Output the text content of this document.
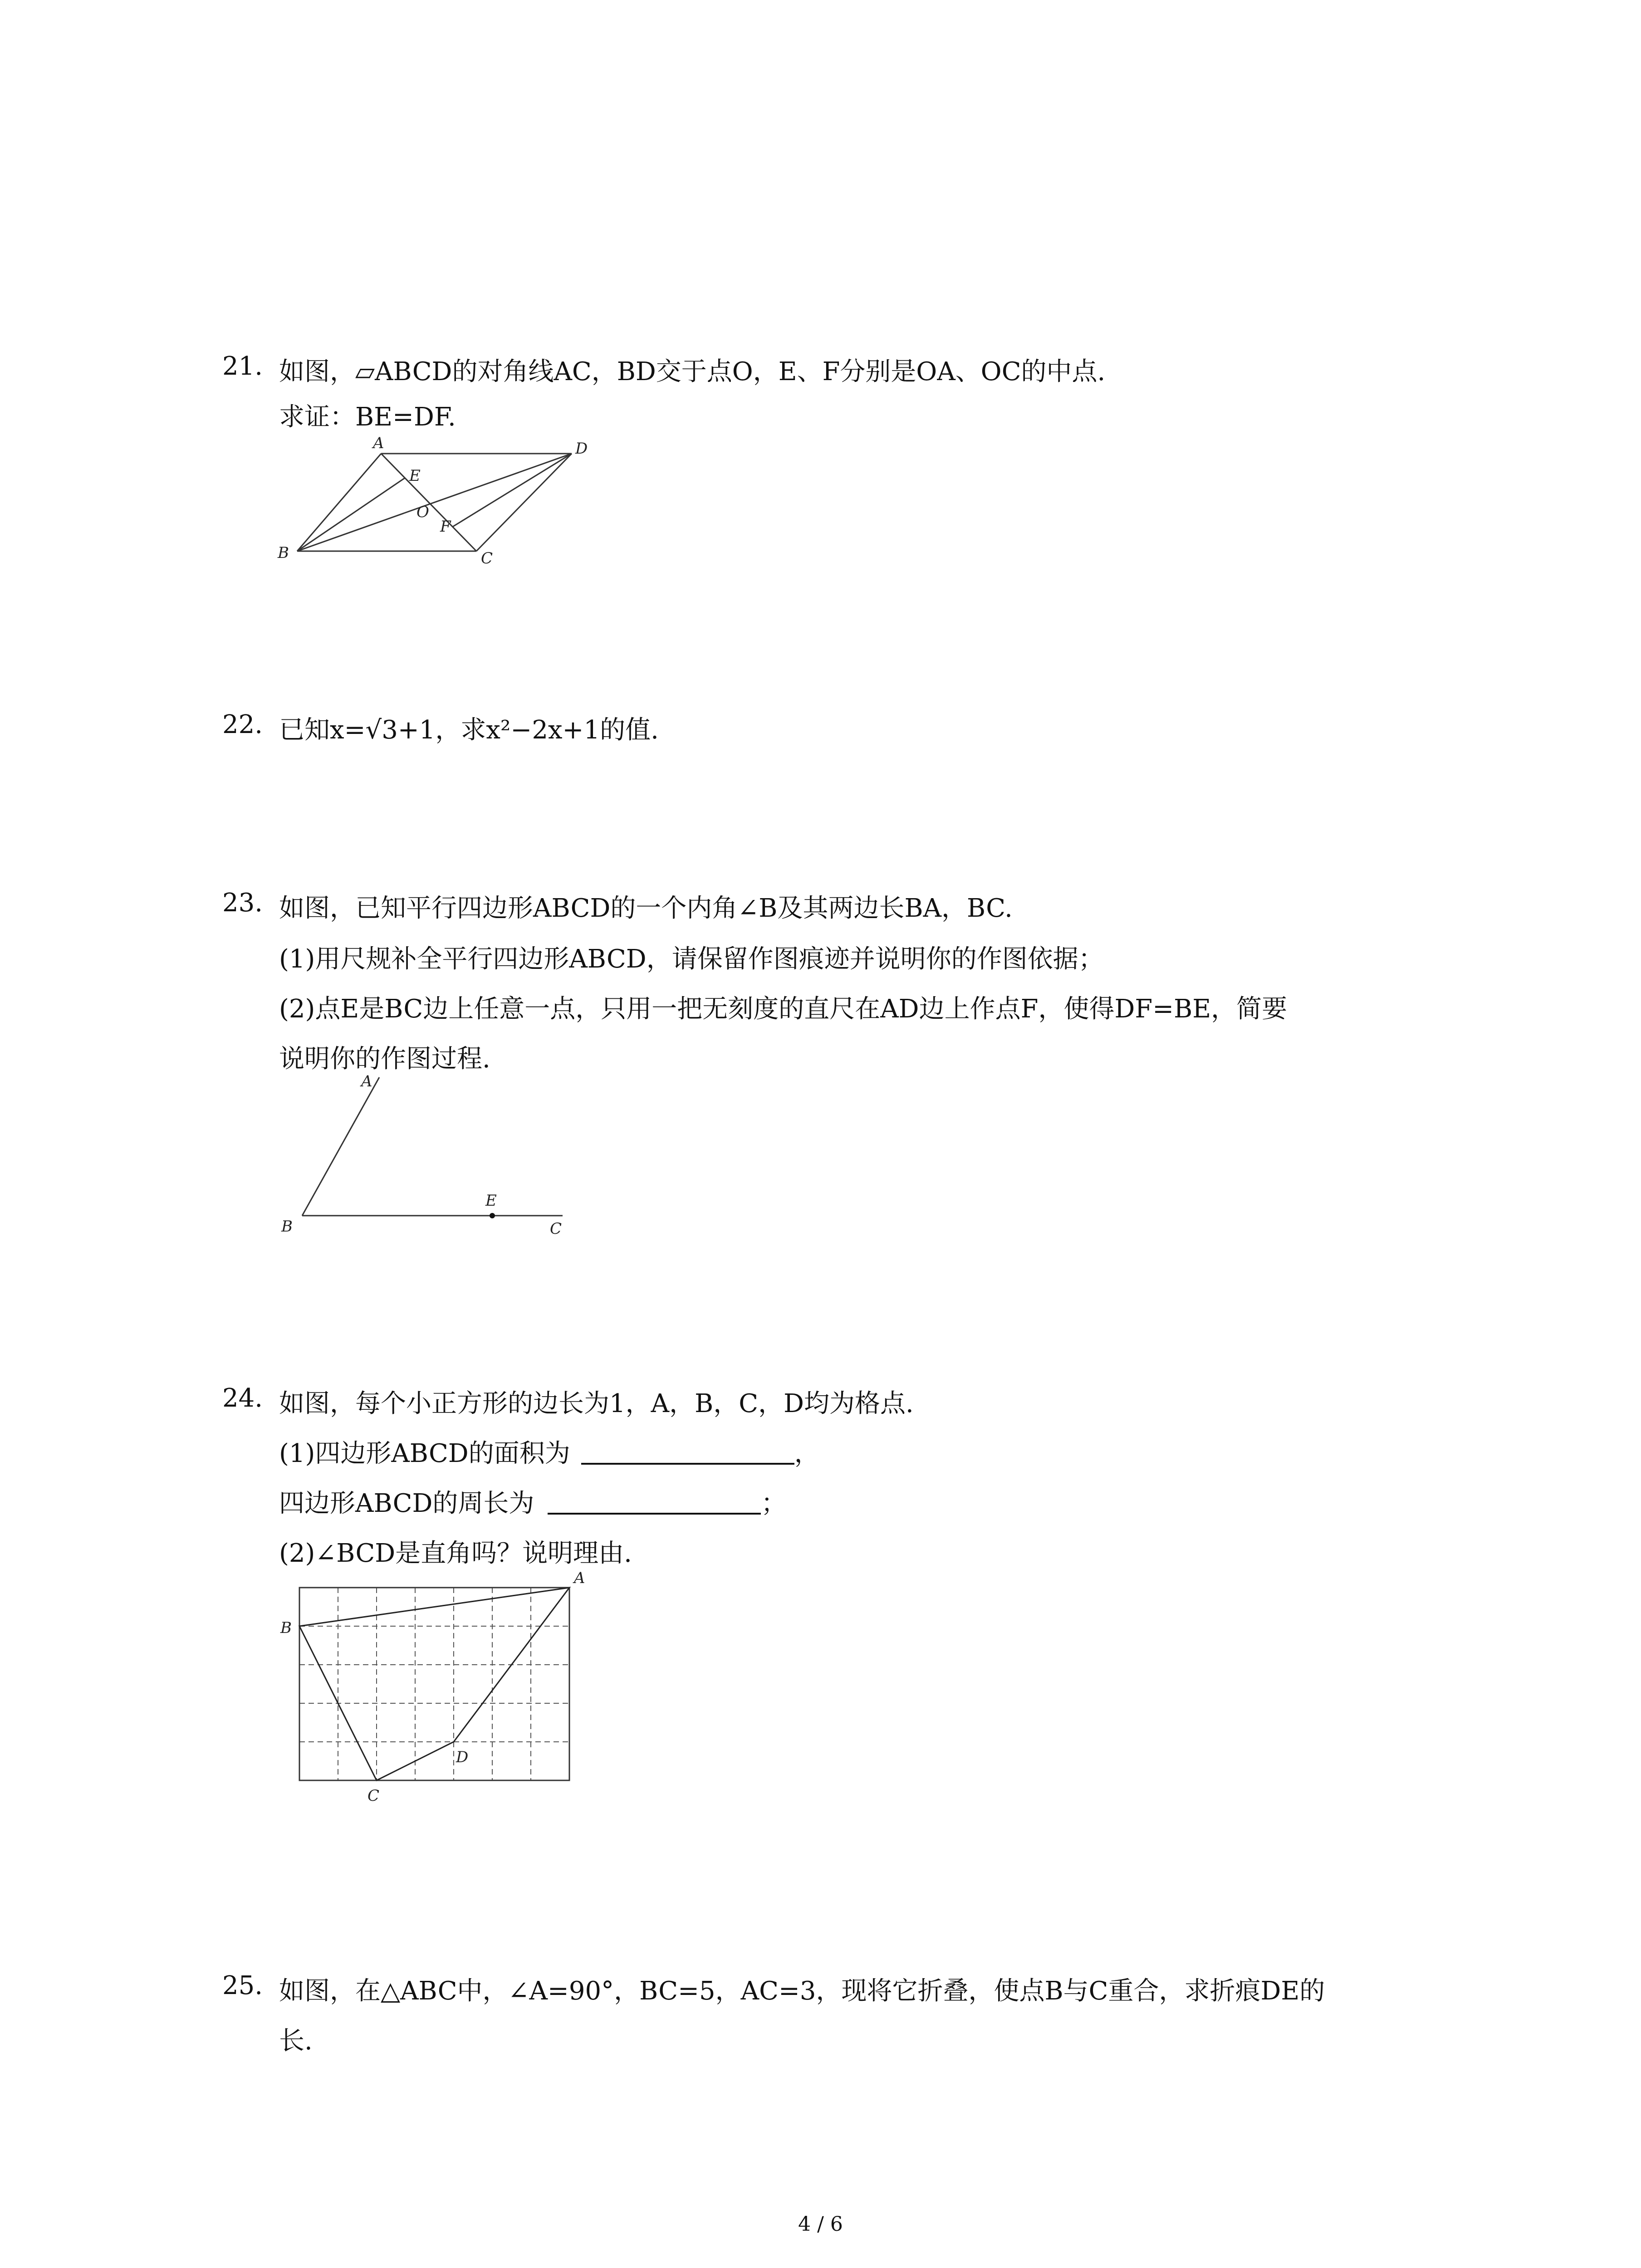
21. 如图，▱ABCD的对角线AC，BD交于点O，E、F分别是OA、OC的中点.
求证：BE=DF.
A	D
E
O
F
B	C
22. 已知x=√3+1，求x²−2x+1的值.
23. 如图，已知平行四边形ABCD的一个内角∠B及其两边长BA，BC.
(1)用尺规补全平行四边形ABCD，请保留作图痕迹并说明你的作图依据；
(2)点E是BC边上任意一点，只用一把无刻度的直尺在AD边上作点F，使得DF=BE，简要
说明你的作图过程.
A
E
B	C
24. 如图，每个小正方形的边长为1，A，B，C，D均为格点.
(1)四边形ABCD的面积为	，
四边形ABCD的周长为	；
(2)∠BCD是直角吗？说明理由.
A
B
C
D
25. 如图，在△ABC中，∠A=90°，BC=5，AC=3，现将它折叠，使点B与C重合，求折痕DE的
长.
4 / 6
